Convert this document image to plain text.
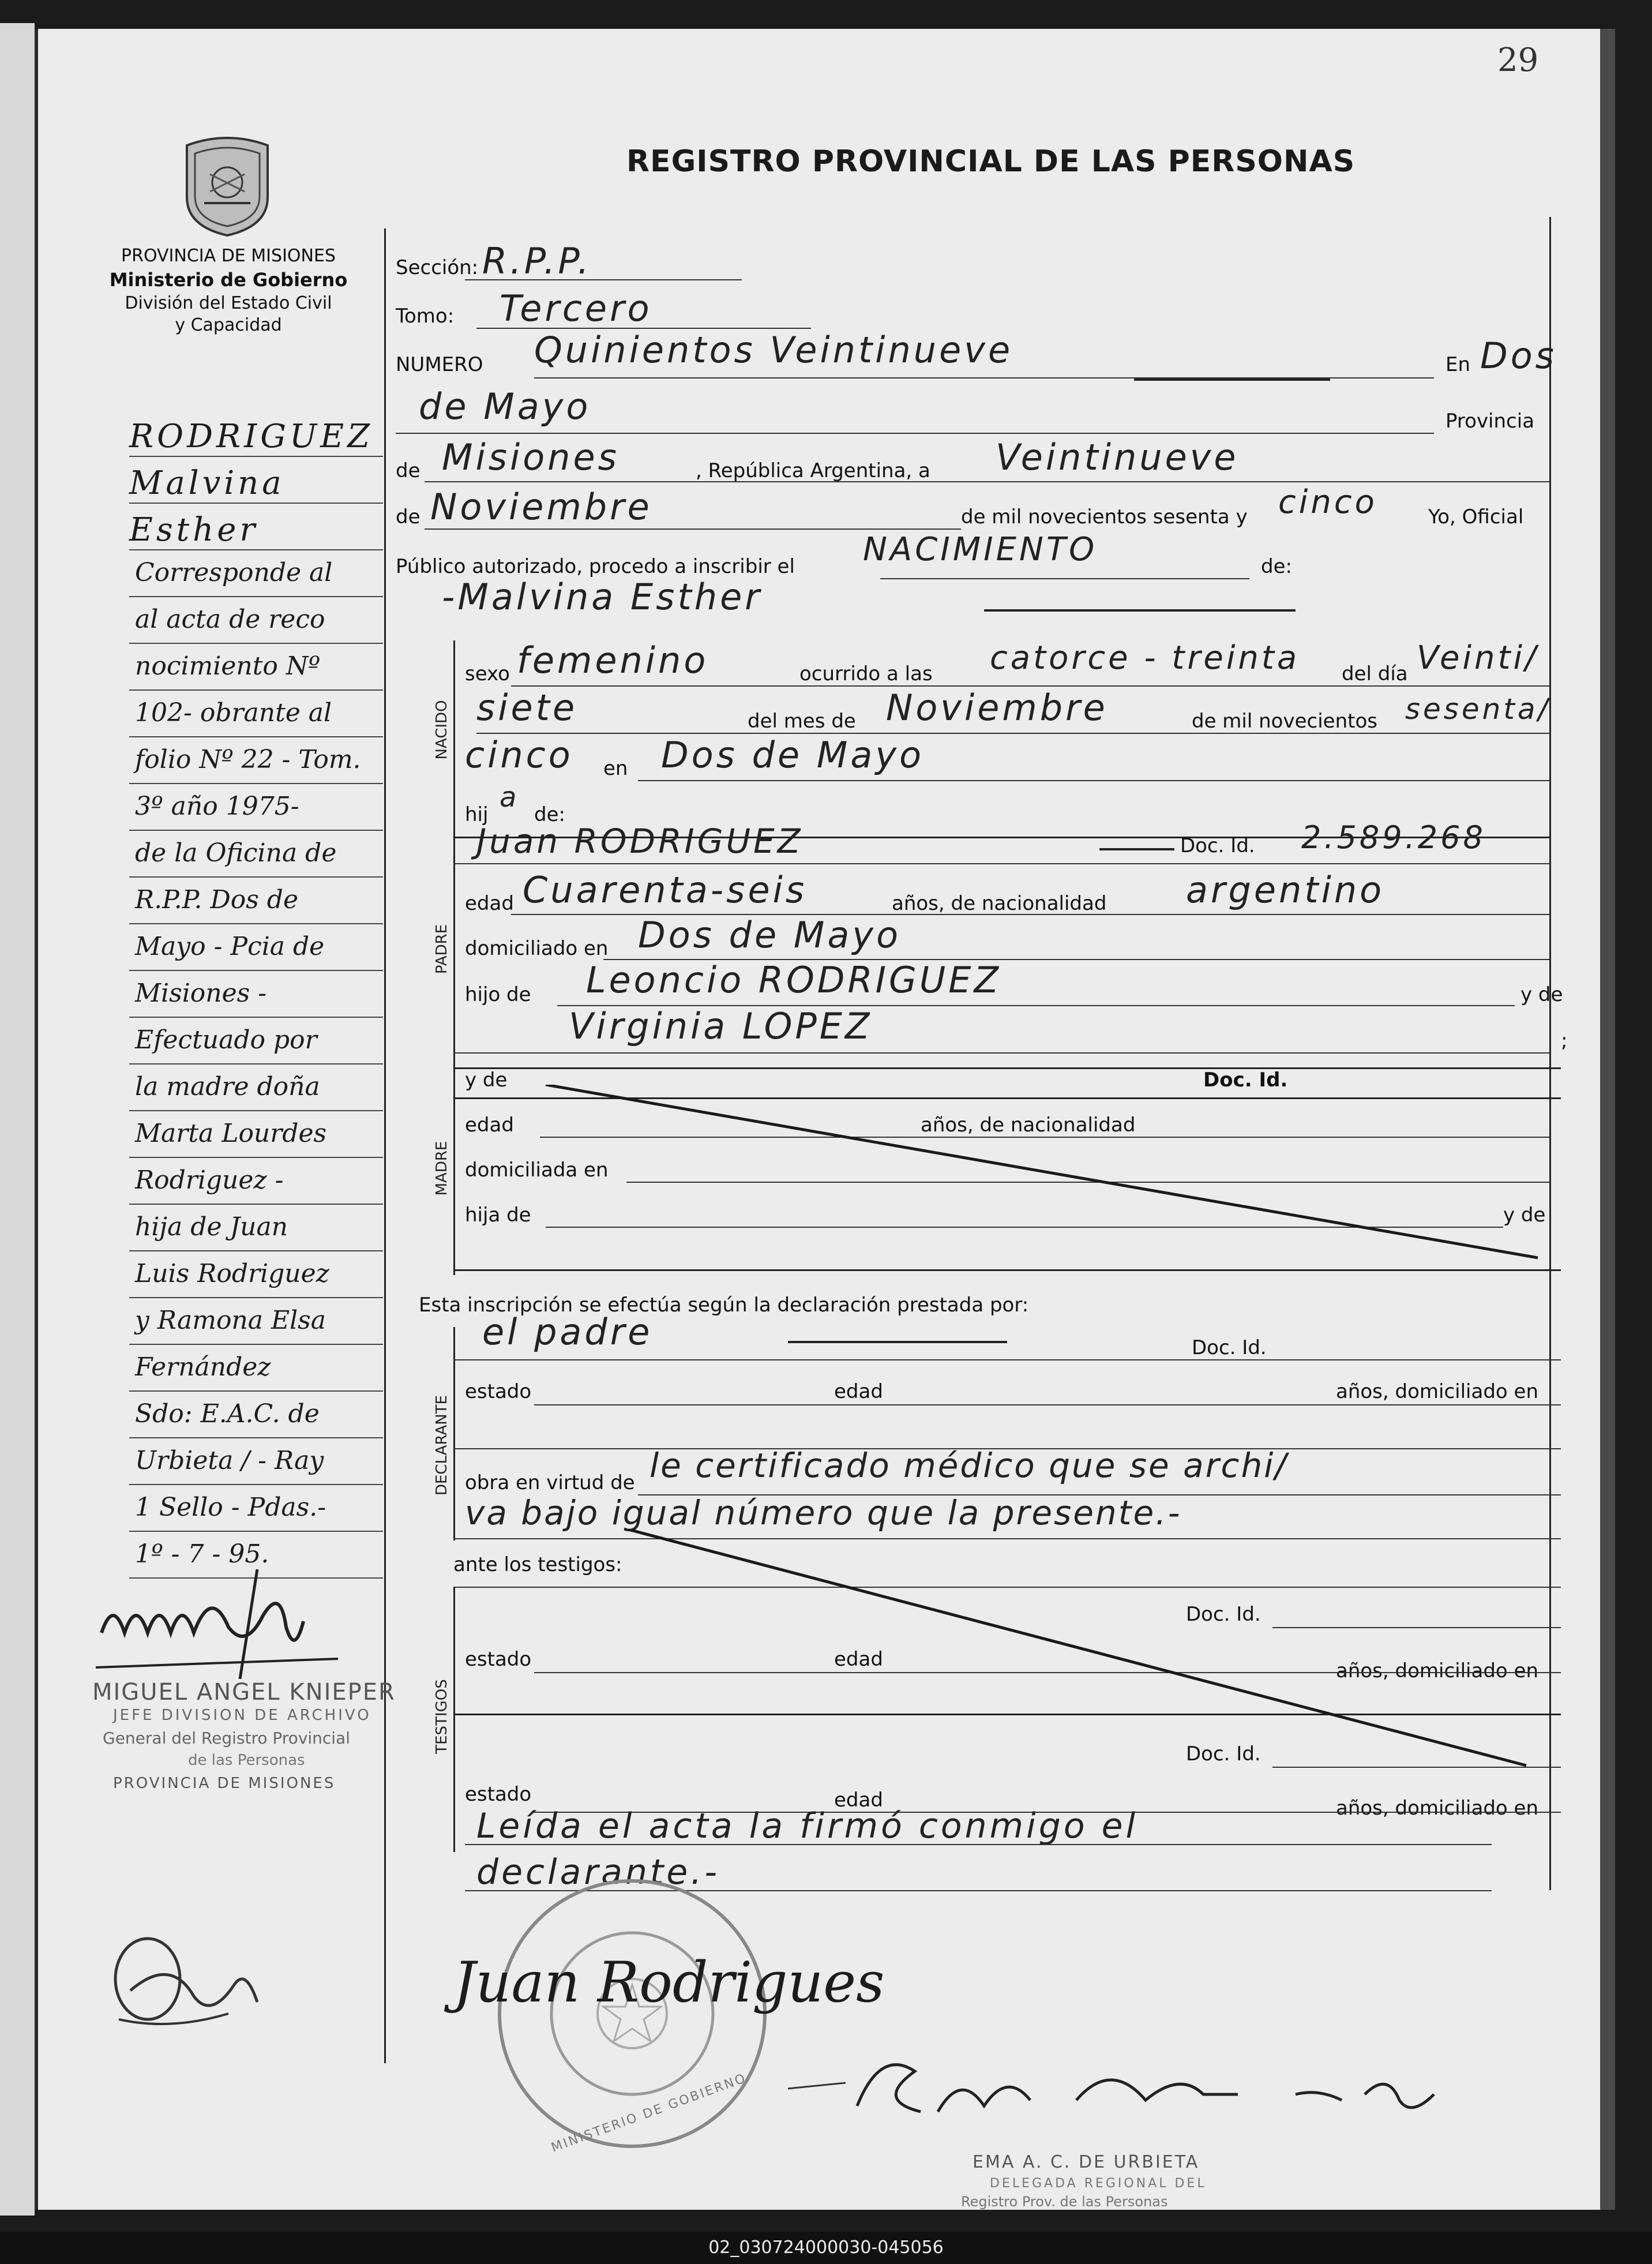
29
REGISTRO PROVINCIAL DE LAS PERSONAS
PROVINCIA DE MISIONES
Ministerio de Gobierno
División del Estado Civil
y Capacidad
RODRIGUEZ
Malvina
Esther
Corresponde al
al acta de reco
nocimiento Nº
102- obrante al
folio Nº 22 - Tom.
3º año 1975-
de la Oficina de
R.P.P. Dos de
Mayo - Pcia de
Misiones -
Efectuado por
la madre doña
Marta Lourdes
Rodriguez -
hija de Juan
Luis Rodriguez
y Ramona Elsa
Fernández
Sdo: E.A.C. de
Urbieta / - Ray
1 Sello - Pdas.-
1º - 7 - 95.
MIGUEL ANGEL KNIEPER
JEFE DIVISION DE ARCHIVO
General del Registro Provincial
de las Personas
PROVINCIA DE MISIONES
Sección: R.P.P.
Tomo: Tercero
NUMERO Quinientos Veintinueve	En Dos
de Mayo	Provincia
de Misiones	, República Argentina, a Veintinueve
de Noviembre	de mil novecientos sesenta y cinco	Yo, Oficial
Público autorizado, procedo a inscribir el NACIMIENTO	de:
-Malvina Esther
NACIDO
sexo femenino	ocurrido a las catorce - treinta del día Veinti/
siete	del mes de Noviembre	de mil novecientos sesenta/
cinco en Dos de Mayo
hij
a
de:
PADRE
Juan RODRIGUEZ	Doc. Id. 2.589.268
edad Cuarenta-seis	años, de nacionalidad argentino
domiciliado en Dos de Mayo
hijo de Leoncio RODRIGUEZ	y de
Virginia LOPEZ	;
MADRE
y de	Doc. Id.
edad	años, de nacionalidad
domiciliada en
hija de	y de
Esta inscripción se efectúa según la declaración prestada por:
DECLARANTE
el padre	Doc. Id.
estado	edad	años, domiciliado en
obra en virtud de le certificado médico que se archi/
va bajo igual número que la presente.-
ante los testigos:
TESTIGOS
Doc. Id.
estado	edad	años, domiciliado en
Doc. Id.
estado	edad	años, domiciliado en
Leída el acta la firmó conmigo el
declarante.-
MINISTERIO DE GOBIERNO
Juan Rodrigues
EMA A. C. DE URBIETA
DELEGADA REGIONAL DEL
Registro Prov. de las Personas
02_030724000030-045056
